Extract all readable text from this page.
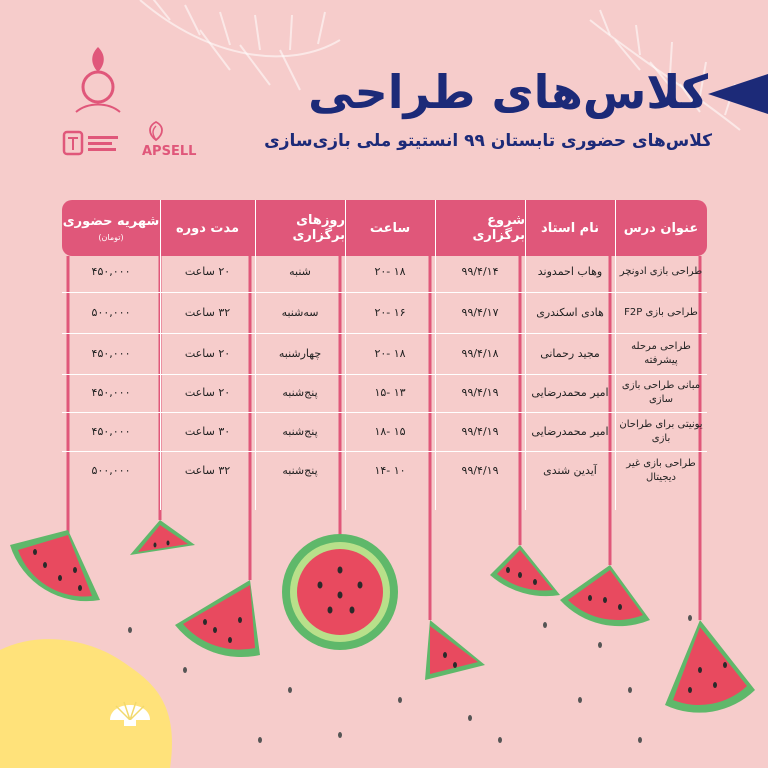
APSELL
کلاس‌های طراحی
کلاس‌های حضوری تابستان ۹۹ انستیتو ملی بازی‌سازی
عنوان درس
نام استاد
شروع برگزاری
ساعت
روزهای برگزاری
مدت دوره
شهریه حضوری
(تومان)
طراحی بازی ادونچر
وهاب احمدوند
۹۹/۴/۱۴
۱۸ -۲۰
شنبه
۲۰ ساعت
۴۵۰,۰۰۰
طراحی بازی F2P
هادی اسکندری
۹۹/۴/۱۷
۱۶ -۲۰
سه‌شنبه
۳۲ ساعت
۵۰۰,۰۰۰
طراحی مرحله پیشرفته
مجید رحمانی
۹۹/۴/۱۸
۱۸ -۲۰
چهارشنبه
۲۰ ساعت
۴۵۰,۰۰۰
مبانی طراحی بازی سازی
امیر محمدرضایی
۹۹/۴/۱۹
۱۳ -۱۵
پنج‌شنبه
۲۰ ساعت
۴۵۰,۰۰۰
یونیتی برای طراحان بازی
امیر محمدرضایی
۹۹/۴/۱۹
۱۵ -۱۸
پنج‌شنبه
۳۰ ساعت
۴۵۰,۰۰۰
طراحی بازی غیر دیجیتال
آیدین شندی
۹۹/۴/۱۹
۱۰ -۱۴
پنج‌شنبه
۳۲ ساعت
۵۰۰,۰۰۰
